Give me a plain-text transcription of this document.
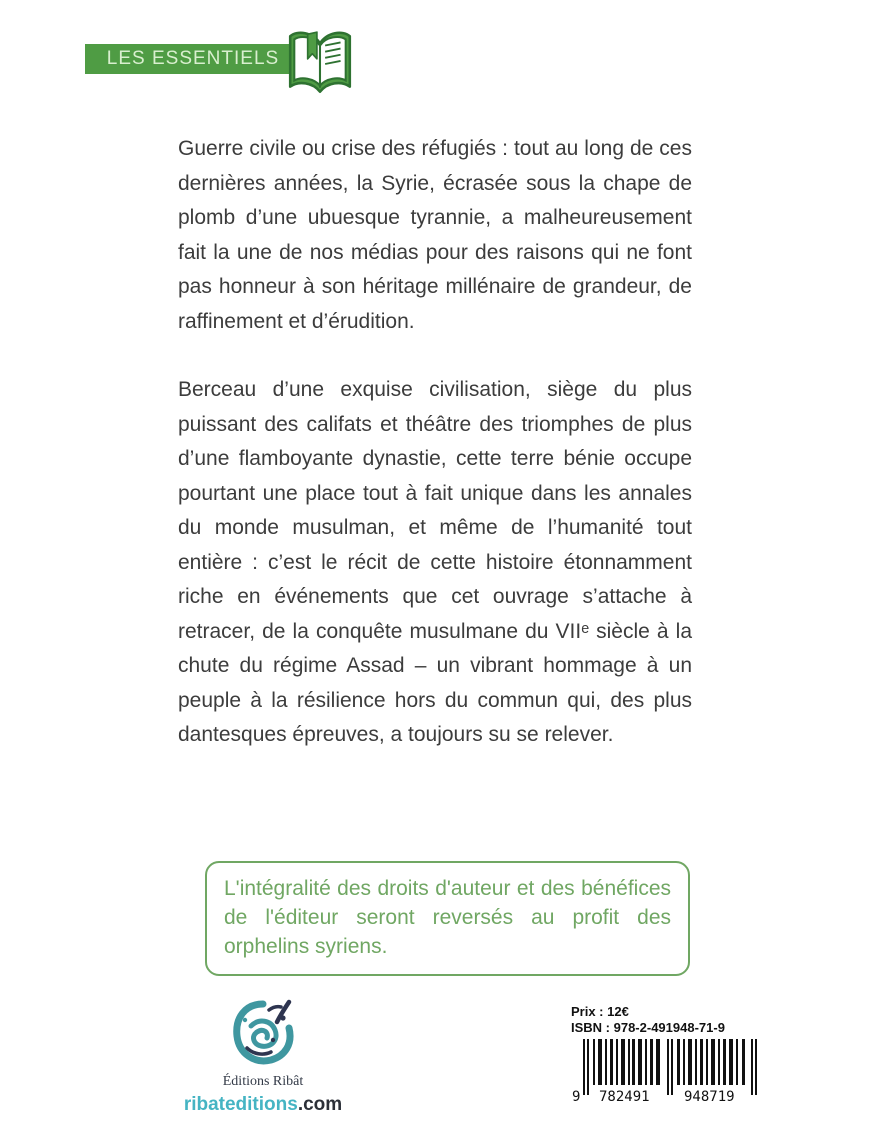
LES ESSENTIELS

Guerre civile ou crise des réfugiés : tout au long de ces dernières années, la Syrie, écrasée sous la chape de plomb d’une ubuesque tyrannie, a malheureusement fait la une de nos médias pour des raisons qui ne font pas honneur à son héritage millénaire de grandeur, de raffinement et d’érudition.

Berceau d’une exquise civilisation, siège du plus puissant des califats et théâtre des triomphes de plus d’une flamboyante dynastie, cette terre bénie occupe pourtant une place tout à fait unique dans les annales du monde musulman, et même de l’humanité tout entière : c’est le récit de cette histoire étonnamment riche en événements que cet ouvrage s’attache à retracer, de la conquête musulmane du VIIᵉ siècle à la chute du régime Assad – un vibrant hommage à un peuple à la résilience hors du commun qui, des plus dantesques épreuves, a toujours su se relever.

L'intégralité des droits d'auteur et des bénéfices de l'éditeur seront reversés au profit des orphelins syriens.

Éditions Ribât
ribateditions.com
Prix : 12€
ISBN : 978-2-491948-71-9
9 782491 948719
